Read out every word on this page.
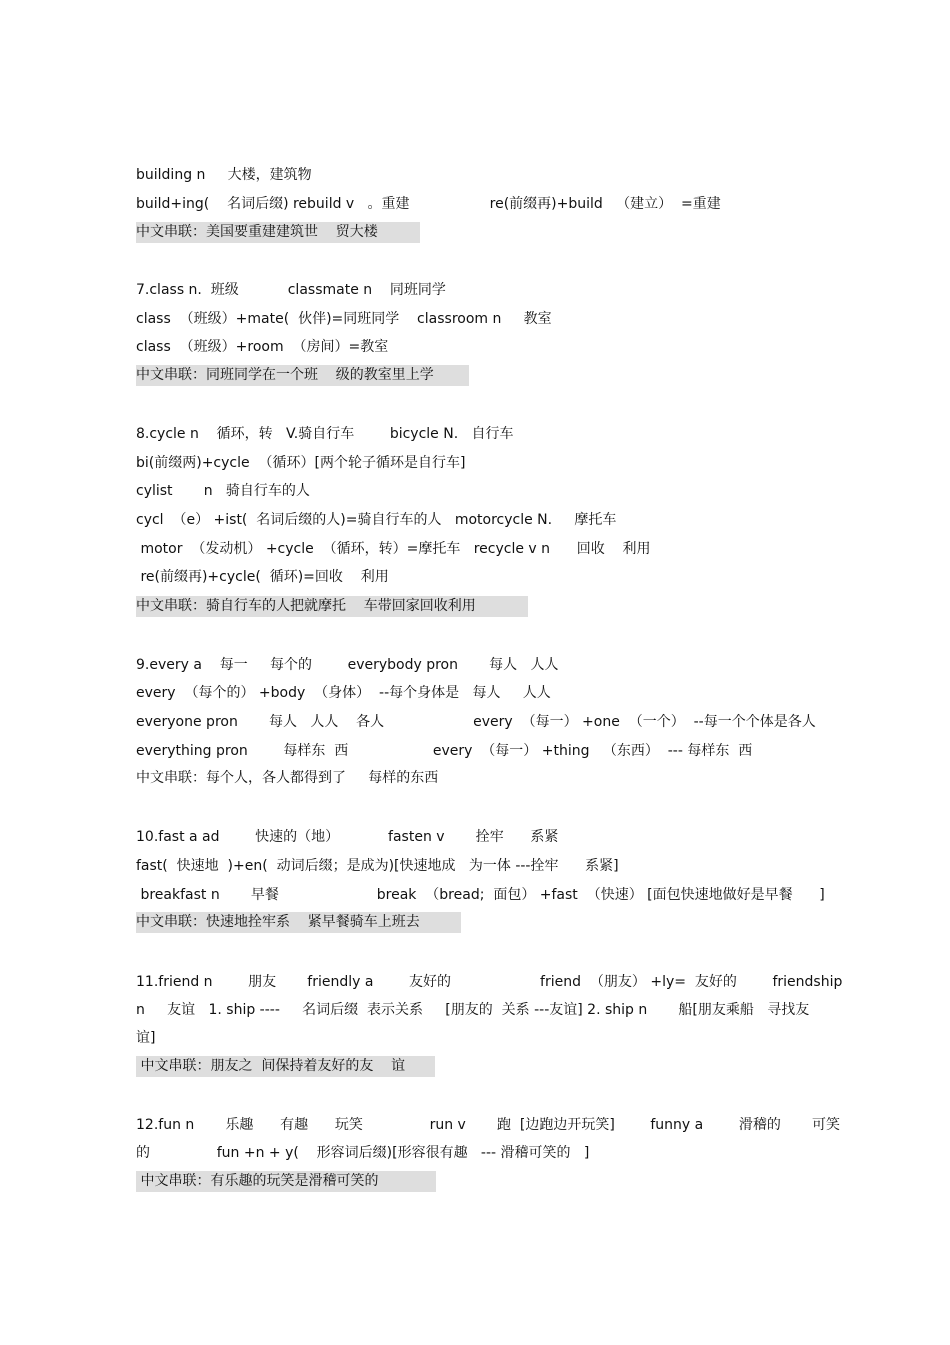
building n     大楼，建筑物
build+ing(    名词后缀) rebuild v   。重建                  re(前缀再)+build   （建立）  =重建
中文串联：美国要重建建筑世    贸大楼
7.class n.  班级           classmate n    同班同学
class  （班级）+mate(  伙伴)=同班同学    classroom n     教室
class  （班级）+room  （房间）=教室
中文串联：同班同学在一个班    级的教室里上学
8.cycle n    循环，转   V.骑自行车        bicycle N.   自行车
bi(前缀两)+cycle  （循环）[两个轮子循环是自行车]
cylist       n   骑自行车的人
cycl  （e） +ist(  名词后缀的人)=骑自行车的人   motorcycle N.     摩托车
motor  （发动机） +cycle  （循环，转）=摩托车   recycle v n      回收    利用
re(前缀再)+cycle(  循环)=回收    利用
中文串联：骑自行车的人把就摩托    车带回家回收利用
9.every a    每一     每个的        everybody pron       每人   人人
every  （每个的） +body  （身体）  --每个身体是   每人     人人
everyone pron       每人   人人    各人                    every  （每一） +one  （一个）  --每一个个体是各人
everything pron        每样东  西                   every  （每一） +thing   （东西）  --- 每样东  西
中文串联：每个人，各人都得到了     每样的东西
10.fast a ad        快速的（地）           fasten v       拴牢      系紧
fast(  快速地  )+en(  动词后缀；是成为)[快速地成   为一体 ---拴牢      系紧]
breakfast n       早餐                      break  （bread;  面包） +fast  （快速） [面包快速地做好是早餐      ]
中文串联：快速地拴牢系    紧早餐骑车上班去
11.friend n        朋友       friendly a        友好的                    friend  （朋友） +ly=  友好的        friendship
n     友谊   1. ship ----     名词后缀  表示关系     [朋友的  关系 ---友谊] 2. ship n       船[朋友乘船   寻找友
谊]
中文串联：朋友之  间保持着友好的友    谊
12.fun n       乐趣      有趣      玩笑               run v       跑  [边跑边开玩笑]        funny a        滑稽的       可笑
的               fun +n + y(    形容词后缀)[形容很有趣   --- 滑稽可笑的   ]
中文串联：有乐趣的玩笑是滑稽可笑的
